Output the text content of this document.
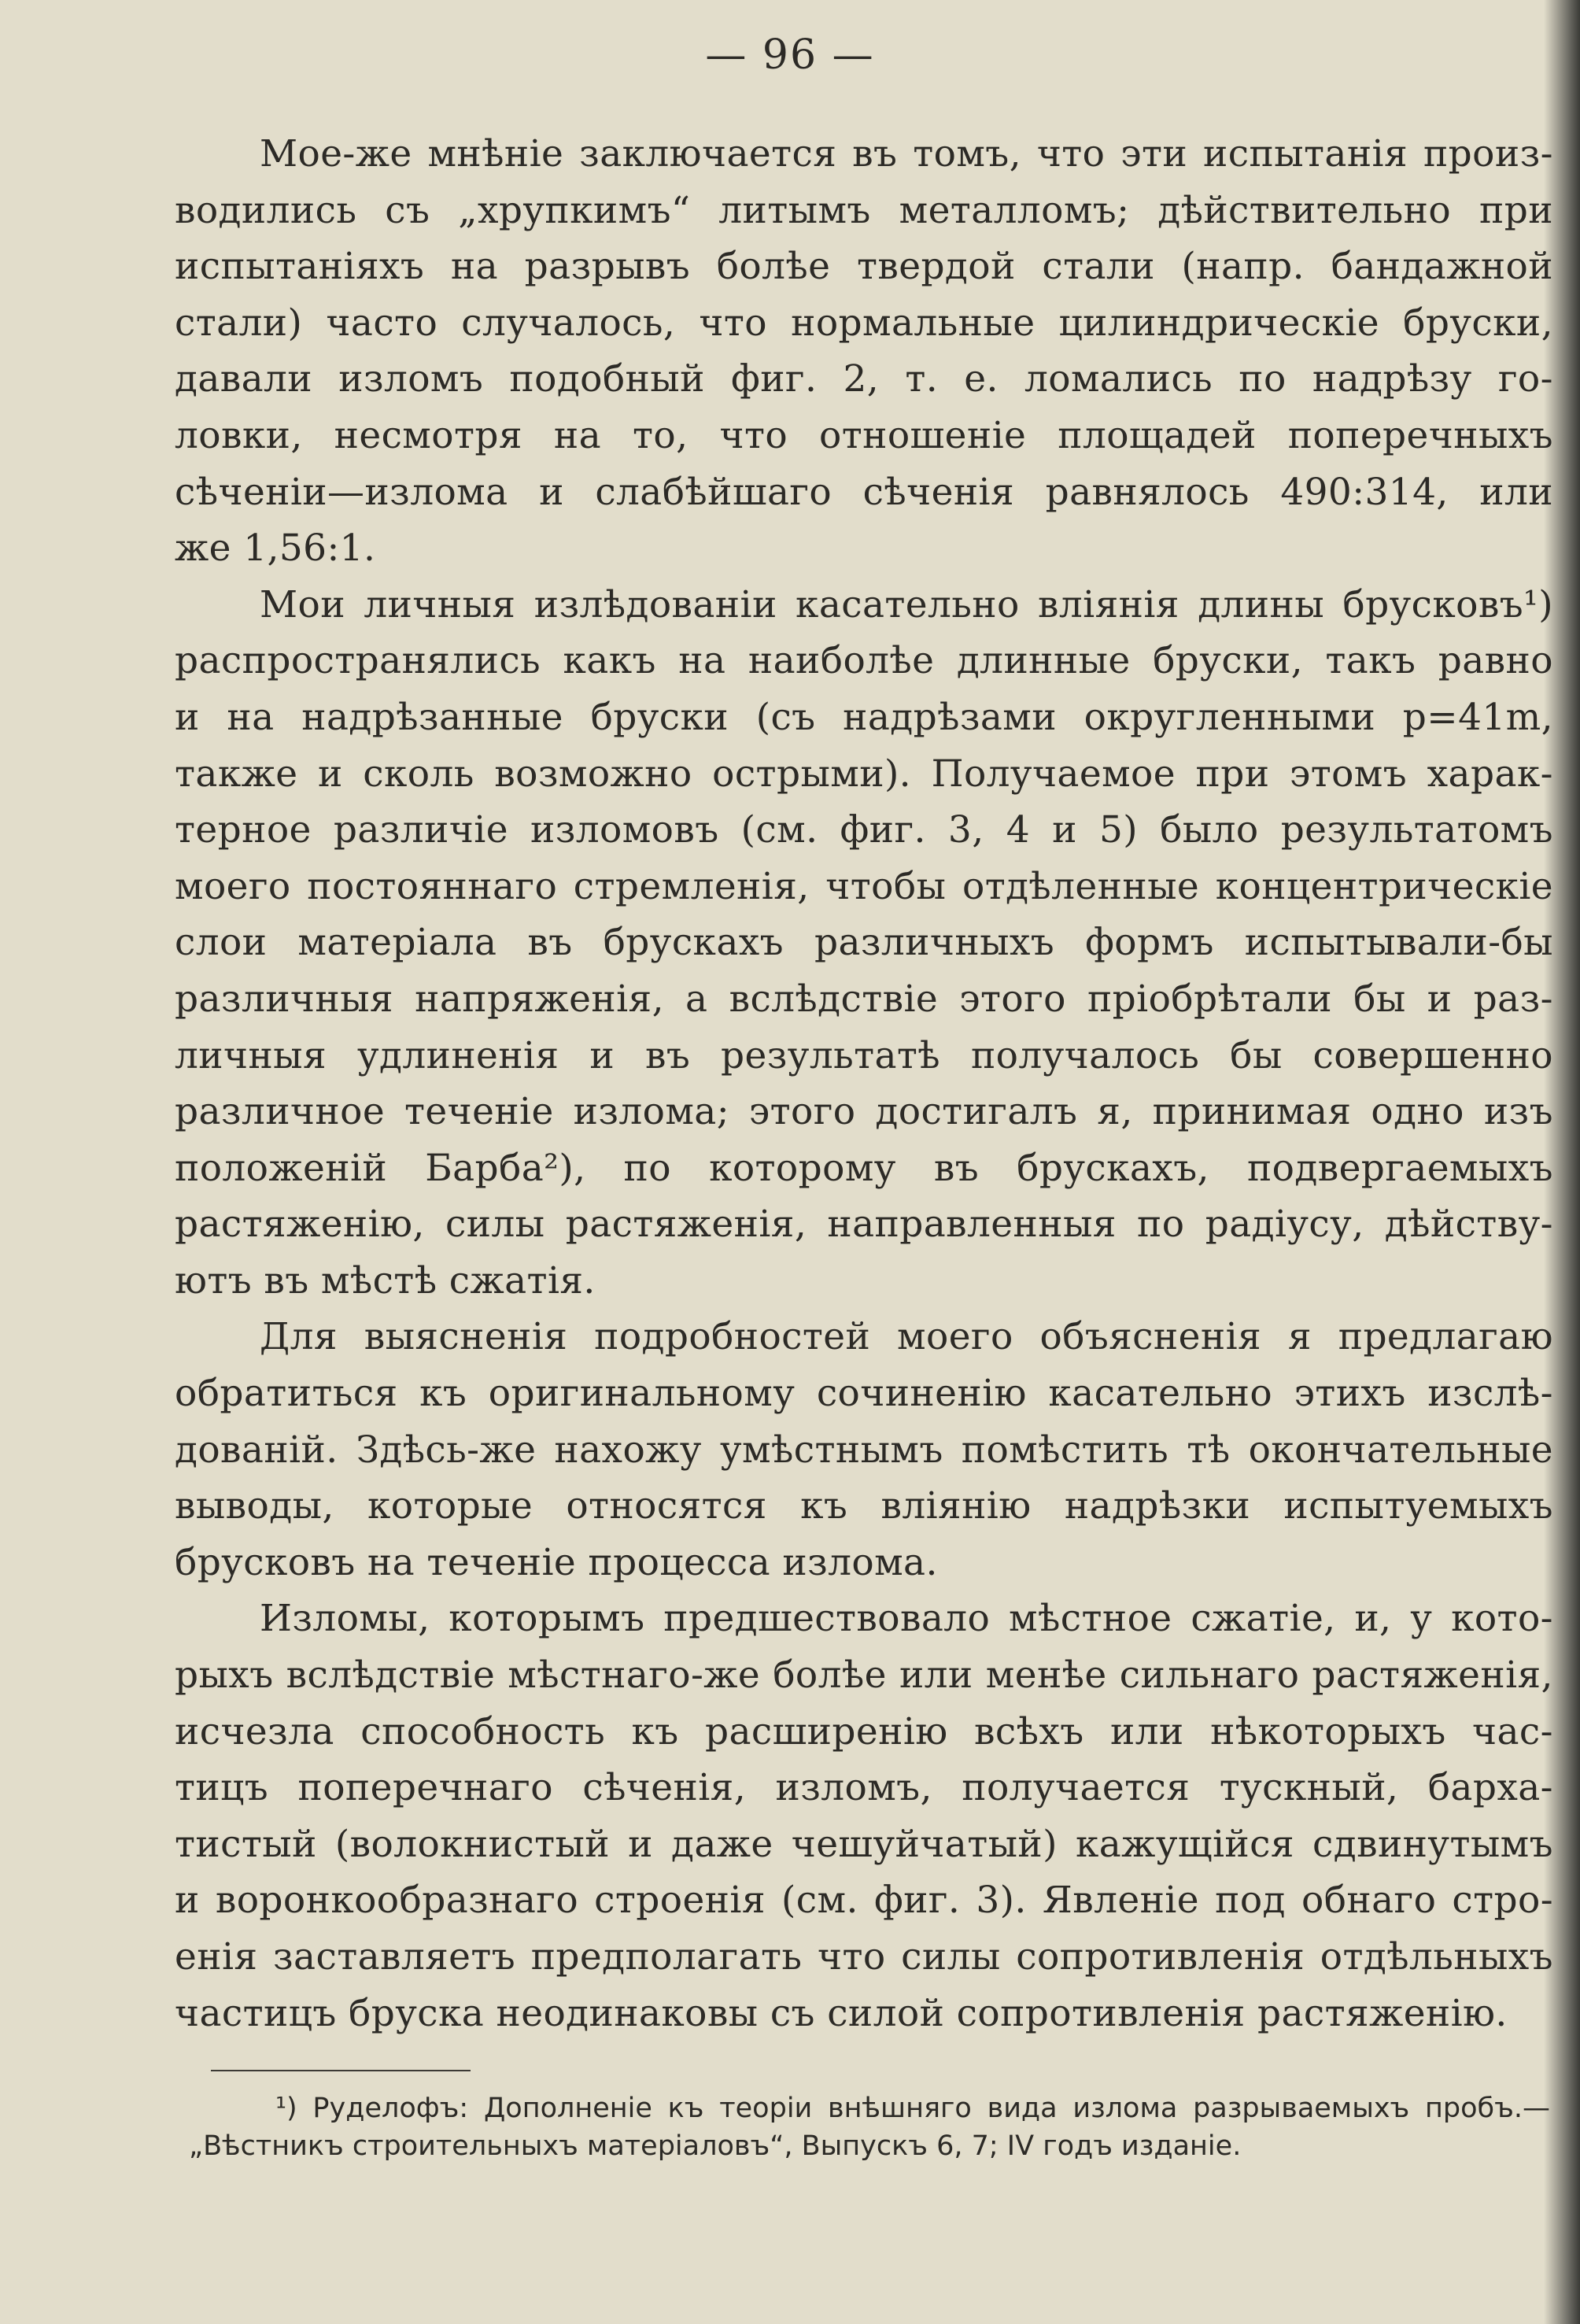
— 96 —
Мое-же мнѣніе заключается въ томъ, что эти испытанія произ-
водились съ „хрупкимъ“ литымъ металломъ; дѣйствительно при
испытаніяхъ на разрывъ болѣе твердой стали (напр. бандажной
стали) часто случалось, что нормальные цилиндрическіе бруски,
давали изломъ подобный фиг. 2, т. е. ломались по надрѣзу го-
ловки, несмотря на то, что отношеніе площадей поперечныхъ
сѣченіи—излома и слабѣйшаго сѣченія равнялось 490:314, или
же 1,56:1.
Мои личныя излѣдованіи касательно вліянія длины брусковъ¹)
распространялись какъ на наиболѣе длинные бруски, такъ равно
и на надрѣзанные бруски (съ надрѣзами округленными р=41m,
также и сколь возможно острыми). Получаемое при этомъ харак-
терное различіе изломовъ (см. фиг. 3, 4 и 5) было результатомъ
моего постояннаго стремленія, чтобы отдѣленные концентрическіе
слои матеріала въ брускахъ различныхъ формъ испытывали-бы
различныя напряженія, а вслѣдствіе этого пріобрѣтали бы и раз-
личныя удлиненія и въ результатѣ получалось бы совершенно
различное теченіе излома; этого достигалъ я, принимая одно изъ
положеній Барба²), по которому въ брускахъ, подвергаемыхъ
растяженію, силы растяженія, направленныя по радіусу, дѣйству-
ютъ въ мѣстѣ сжатія.
Для выясненія подробностей моего объясненія я предлагаю
обратиться къ оригинальному сочиненію касательно этихъ изслѣ-
дованій. Здѣсь-же нахожу умѣстнымъ помѣстить тѣ окончательные
выводы, которые относятся къ вліянію надрѣзки испытуемыхъ
брусковъ на теченіе процесса излома.
Изломы, которымъ предшествовало мѣстное сжатіе, и, у кото-
рыхъ вслѣдствіе мѣстнаго-же болѣе или менѣе сильнаго растяженія,
исчезла способность къ расширенію всѣхъ или нѣкоторыхъ час-
тицъ поперечнаго сѣченія, изломъ, получается тускный, барха-
тистый (волокнистый и даже чешуйчатый) кажущійся сдвинутымъ
и воронкообразнаго строенія (см. фиг. 3). Явленіе под обнаго стро-
енія заставляетъ предполагать что силы сопротивленія отдѣльныхъ
частицъ бруска неодинаковы съ силой сопротивленія растяженію.
¹) Руделофъ: Дополненіе къ теоріи внѣшняго вида излома разрываемыхъ пробъ.—
„Вѣстникъ строительныхъ матеріаловъ“, Выпускъ 6, 7; IV годъ изданіе.
